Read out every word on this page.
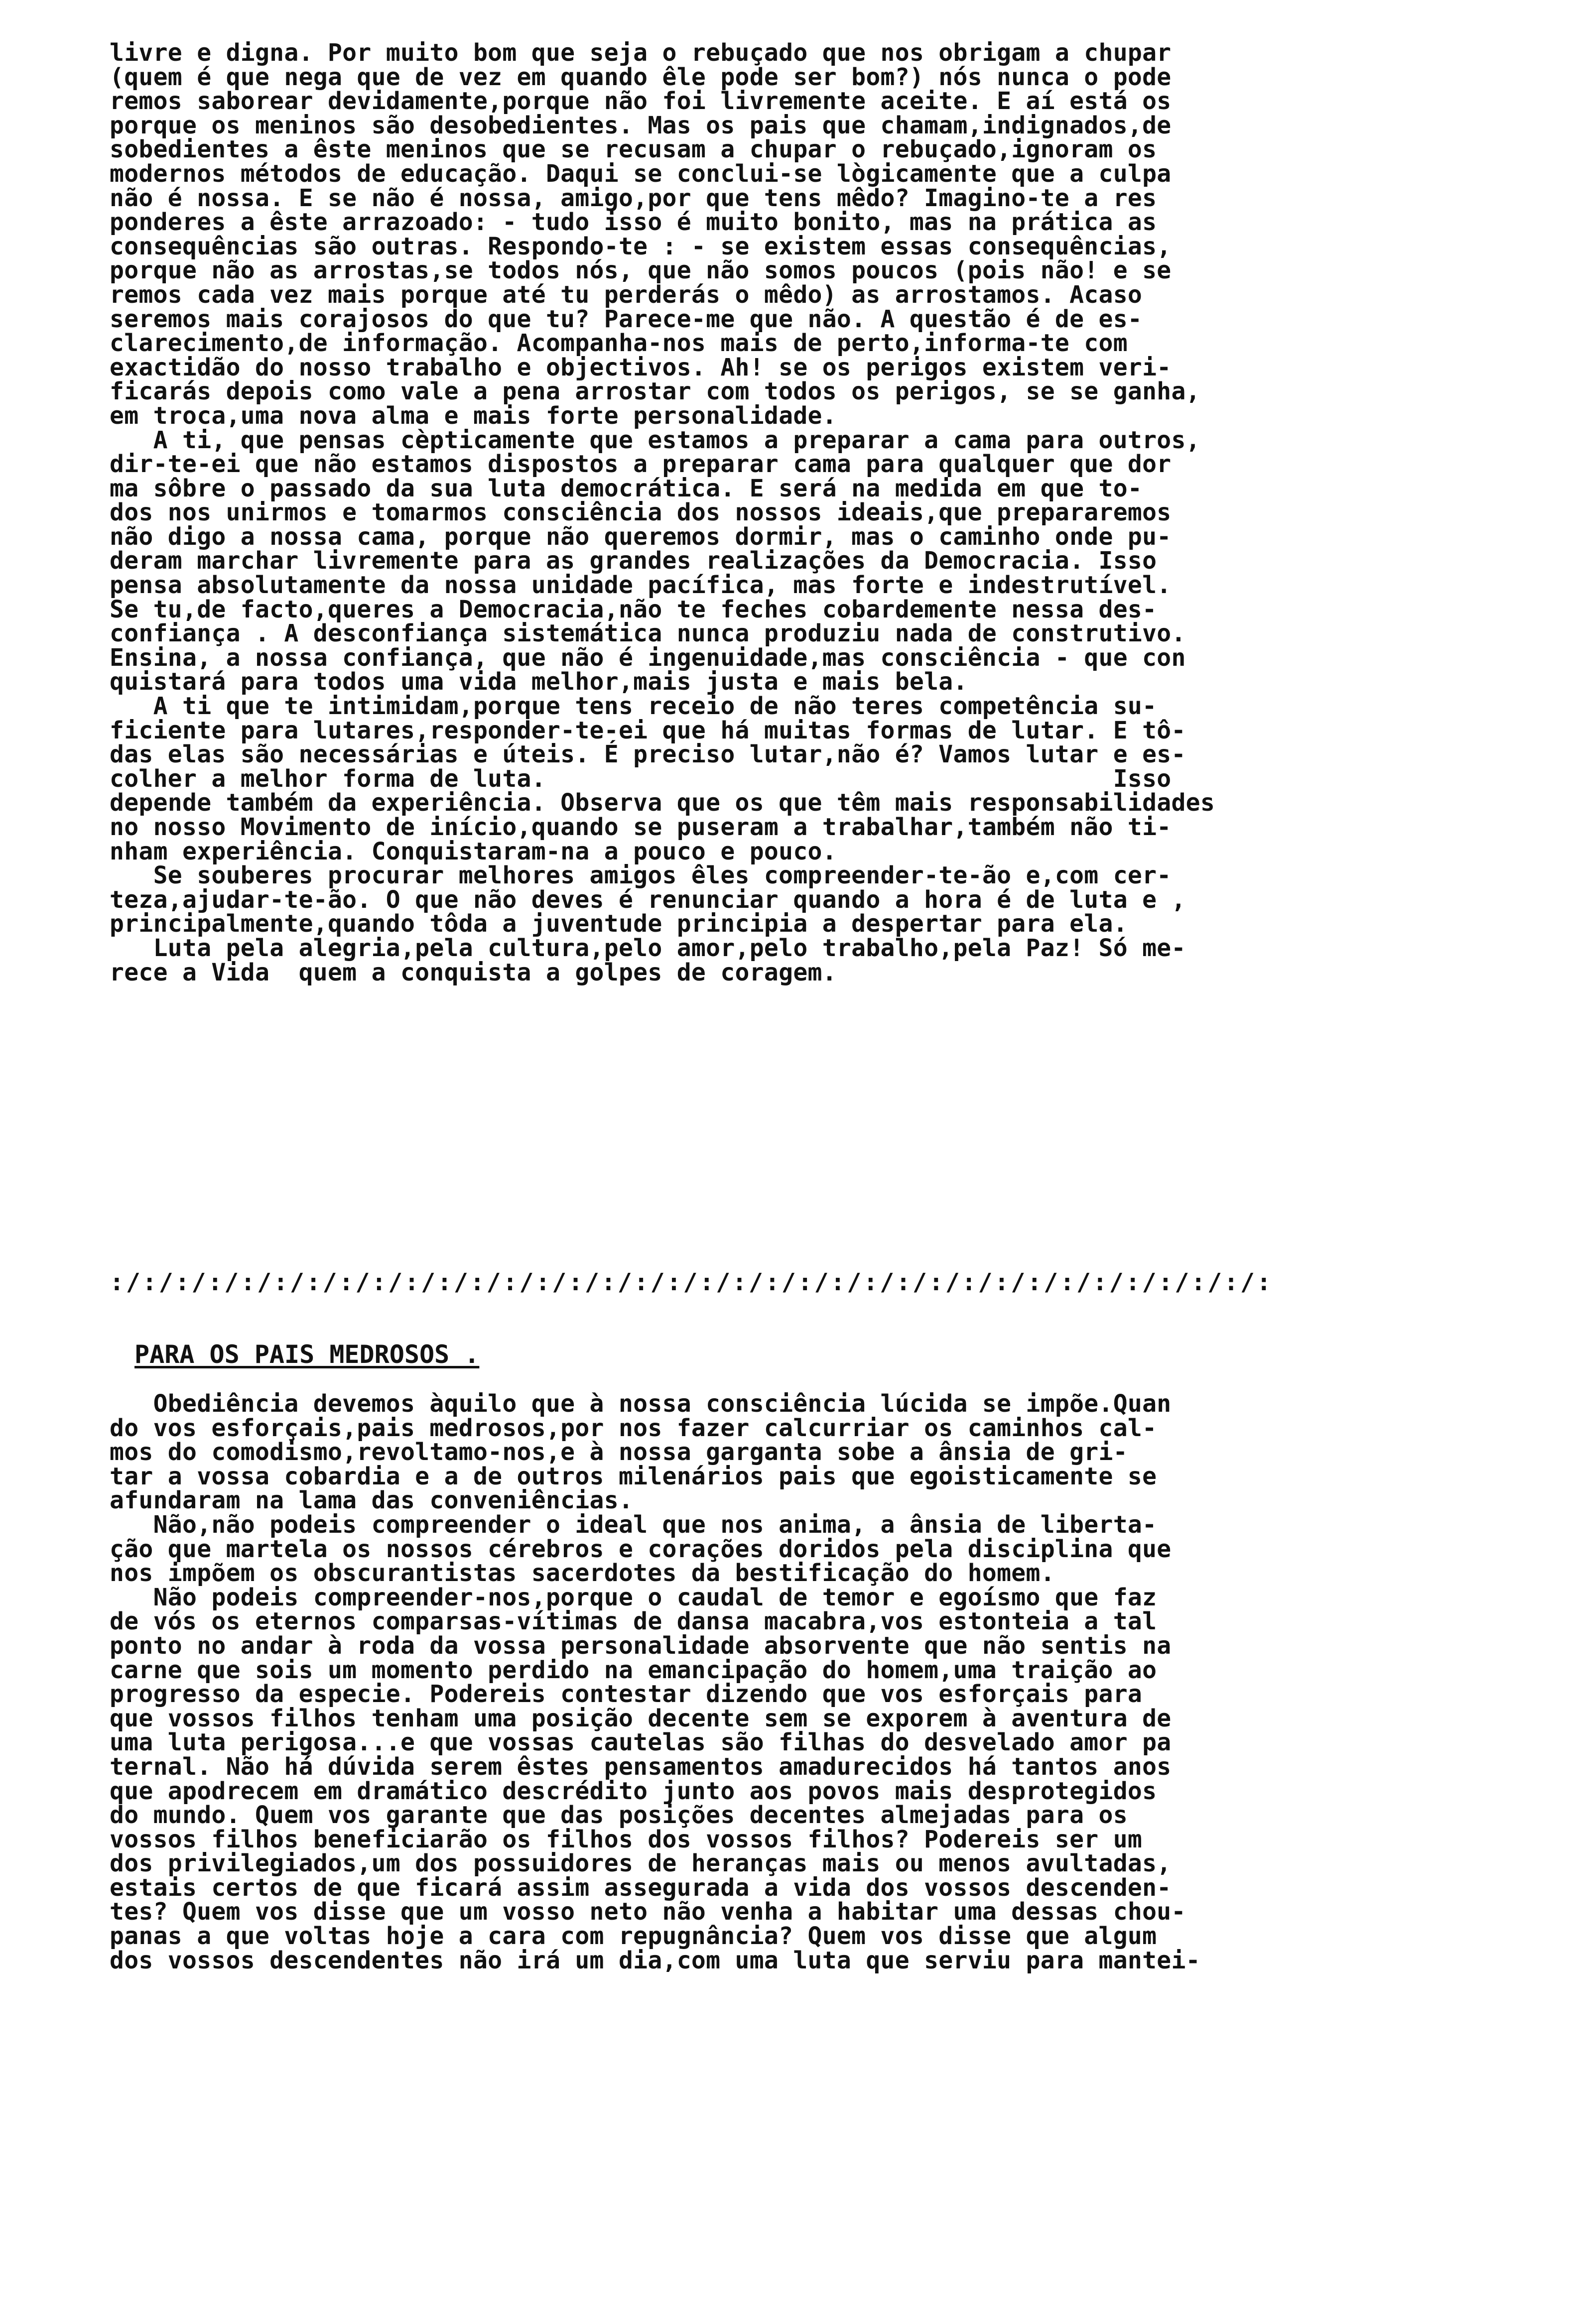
livre e digna. Por muito bom que seja o rebuçado que nos obrigam a chupar
(quem é que nega que de vez em quando êle pode ser bom?) nós nunca o pode
remos saborear devidamente,porque não foi livremente aceite. E aí está os
porque os meninos são desobedientes. Mas os pais que chamam,indignados,de
sobedientes a êste meninos que se recusam a chupar o rebuçado,ignoram os
modernos métodos de educação. Daqui se conclui-se lògicamente que a culpa
não é nossa. E se não é nossa, amigo,por que tens mêdo? Imagino-te a res
ponderes a êste arrazoado: - tudo isso é muito bonito, mas na prática as
consequências são outras. Respondo-te : - se existem essas consequências,
porque não as arrostas,se todos nós, que não somos poucos (pois não! e se
remos cada vez mais porque até tu perderás o mêdo) as arrostamos. Acaso
seremos mais corajosos do que tu? Parece-me que não. A questão é de es-
clarecimento,de informação. Acompanha-nos mais de perto,informa-te com
exactidão do nosso trabalho e objectivos. Ah! se os perigos existem veri-
ficarás depois como vale a pena arrostar com todos os perigos, se se ganha,
em troca,uma nova alma e mais forte personalidade.
A ti, que pensas cèpticamente que estamos a preparar a cama para outros,
dir-te-ei que não estamos dispostos a preparar cama para qualquer que dor
ma sôbre o passado da sua luta democrática. E será na medida em que to-
dos nos unirmos e tomarmos consciência dos nossos ideais,que prepararemos
não digo a nossa cama, porque não queremos dormir, mas o caminho onde pu-
deram marchar livremente para as grandes realizações da Democracia. Isso
pensa absolutamente da nossa unidade pacífica, mas forte e indestrutível.
Se tu,de facto,queres a Democracia,não te feches cobardemente nessa des-
confiança . A desconfiança sistemática nunca produziu nada de construtivo.
Ensina, a nossa confiança, que não é ingenuidade,mas consciência - que con
quistará para todos uma vida melhor,mais justa e mais bela.
A ti que te intimidam,porque tens receio de não teres competência su-
ficiente para lutares,responder-te-ei que há muitas formas de lutar. E tô-
das elas são necessárias e úteis. É preciso lutar,não é? Vamos lutar e es-
colher a melhor forma de luta.                                       Isso
depende também da experiência. Observa que os que têm mais responsabilidades
no nosso Movimento de início,quando se puseram a trabalhar,também não ti-
nham experiência. Conquistaram-na a pouco e pouco.
Se souberes procurar melhores amigos êles compreender-te-ão e,com cer-
teza,ajudar-te-ão. O que não deves é renunciar quando a hora é de luta e ,
principalmente,quando tôda a juventude principia a despertar para ela.
Luta pela alegria,pela cultura,pelo amor,pelo trabalho,pela Paz! Só me-
rece a Vida  quem a conquista a golpes de coragem.
:/:/:/:/:/:/:/:/:/:/:/:/:/:/:/:/:/:/:/:/:/:/:/:/:/:/:/:/:/:/:/:/:/:/:/:
PARA OS PAIS MEDROSOS .
Obediência devemos àquilo que à nossa consciência lúcida se impõe.Quan
do vos esforçais,pais medrosos,por nos fazer calcurriar os caminhos cal-
mos do comodismo,revoltamo-nos,e à nossa garganta sobe a ânsia de gri-
tar a vossa cobardia e a de outros milenários pais que egoisticamente se
afundaram na lama das conveniências.
Não,não podeis compreender o ideal que nos anima, a ânsia de liberta-
ção que martela os nossos cérebros e corações doridos pela disciplina que
nos impõem os obscurantistas sacerdotes da bestificação do homem.
Não podeis compreender-nos,porque o caudal de temor e egoísmo que faz
de vós os eternos comparsas-vítimas de dansa macabra,vos estonteia a tal
ponto no andar à roda da vossa personalidade absorvente que não sentis na
carne que sois um momento perdido na emancipação do homem,uma traição ao
progresso da especie. Podereis contestar dizendo que vos esforçais para
que vossos filhos tenham uma posição decente sem se exporem à aventura de
uma luta perigosa...e que vossas cautelas são filhas do desvelado amor pa
ternal. Não há dúvida serem êstes pensamentos amadurecidos há tantos anos
que apodrecem em dramático descrédito junto aos povos mais desprotegidos
do mundo. Quem vos garante que das posições decentes almejadas para os
vossos filhos beneficiarão os filhos dos vossos filhos? Podereis ser um
dos privilegiados,um dos possuidores de heranças mais ou menos avultadas,
estais certos de que ficará assim assegurada a vida dos vossos descenden-
tes? Quem vos disse que um vosso neto não venha a habitar uma dessas chou-
panas a que voltas hoje a cara com repugnância? Quem vos disse que algum
dos vossos descendentes não irá um dia,com uma luta que serviu para mantei-
